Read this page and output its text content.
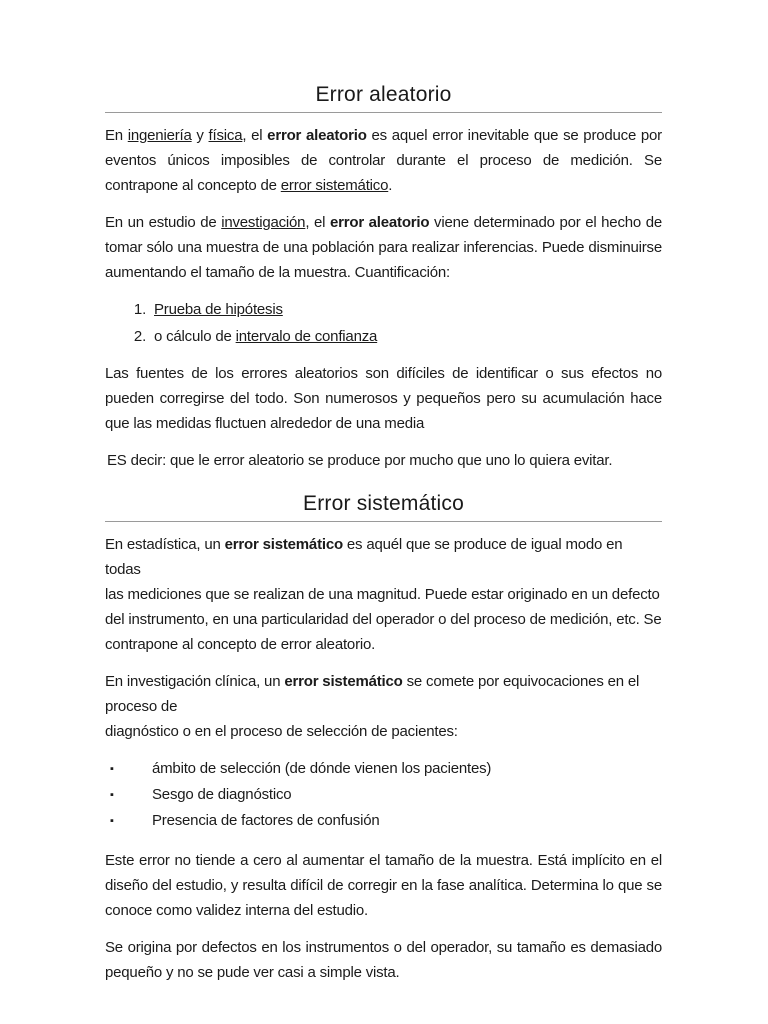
Error aleatorio

En ingeniería y física, el error aleatorio es aquel error inevitable que se produce por eventos únicos imposibles de controlar durante el proceso de medición. Se contrapone al concepto de error sistemático.

En un estudio de investigación, el error aleatorio viene determinado por el hecho de tomar sólo una muestra de una población para realizar inferencias. Puede disminuirse aumentando el tamaño de la muestra. Cuantificación:

1. Prueba de hipótesis
2. o cálculo de intervalo de confianza

Las fuentes de los errores aleatorios son difíciles de identificar o sus efectos no pueden corregirse del todo. Son numerosos y pequeños pero su acumulación hace que las medidas fluctuen alrededor de una media

ES decir: que le error aleatorio se produce por mucho que uno lo quiera evitar.

Error sistemático

En estadística, un error sistemático es aquél que se produce de igual modo en todas
las mediciones que se realizan de una magnitud. Puede estar originado en un defecto
del instrumento, en una particularidad del operador o del proceso de medición, etc. Se
contrapone al concepto de error aleatorio.

En investigación clínica, un error sistemático se comete por equivocaciones en el proceso de
diagnóstico o en el proceso de selección de pacientes:

▪ ámbito de selección (de dónde vienen los pacientes)
▪ Sesgo de diagnóstico
▪ Presencia de factores de confusión

Este error no tiende a cero al aumentar el tamaño de la muestra. Está implícito en el diseño del estudio, y resulta difícil de corregir en la fase analítica. Determina lo que se conoce como validez interna del estudio.

Se origina por defectos en los instrumentos o del operador, su tamaño es demasiado pequeño y no se pude ver casi a simple vista.
